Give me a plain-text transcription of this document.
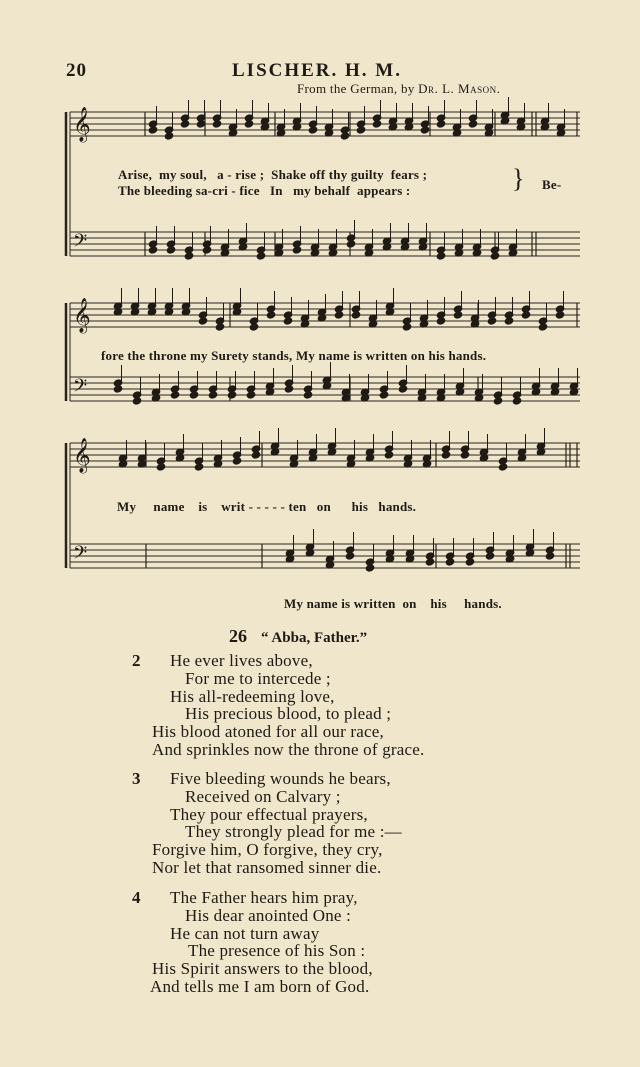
20	LISCHER. H. M.
From the German, by Dr. L. Mason.
𝄞
𝄢
𝄞
𝄢
𝄞
𝄢
Arise,  my soul,   a - rise ;  Shake off thy guilty  fears ;
The bleeding sa-cri - fice   In   my behalf  appears :	} Be-
fore the throne my Surety stands, My name is written on his hands.
My     name    is    writ - - - - - ten   on      his   hands.
My name is written  on    his     hands.
26 “ Abba, Father.”
2 He ever lives above,
For me to intercede ;
His all-redeeming love,
His precious blood, to plead ;
His blood atoned for all our race,
And sprinkles now the throne of grace.
3 Five bleeding wounds he bears,
Received on Calvary ;
They pour effectual prayers,
They strongly plead for me :—
Forgive him, O forgive, they cry,
Nor let that ransomed sinner die.
4 The Father hears him pray,
His dear anointed One :
He can not turn away
The presence of his Son :
His Spirit answers to the blood,
And tells me I am born of God.
